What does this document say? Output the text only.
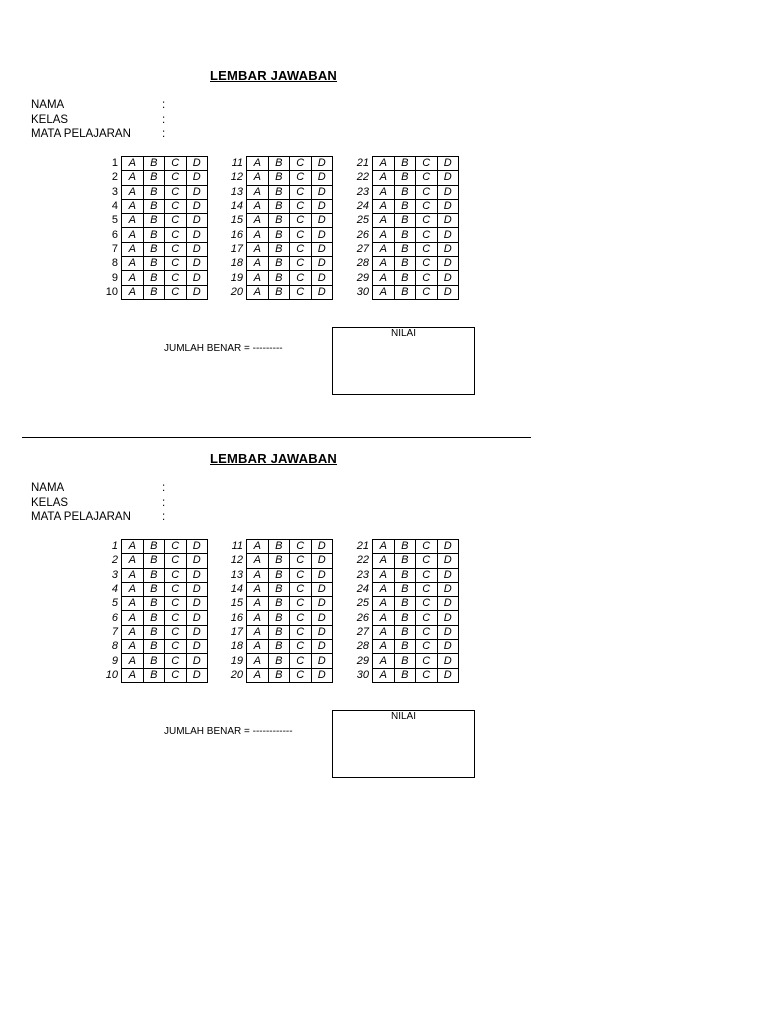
LEMBAR JAWABAN
NAMA	:
KELAS	:
MATA PELAJARAN	:
1	A	B	C	D
2	A	B	C	D
3	A	B	C	D
4	A	B	C	D
5	A	B	C	D
6	A	B	C	D
7	A	B	C	D
8	A	B	C	D
9	A	B	C	D
10	A	B	C	D
11	A	B	C	D
12	A	B	C	D
13	A	B	C	D
14	A	B	C	D
15	A	B	C	D
16	A	B	C	D
17	A	B	C	D
18	A	B	C	D
19	A	B	C	D
20	A	B	C	D
21	A	B	C	D
22	A	B	C	D
23	A	B	C	D
24	A	B	C	D
25	A	B	C	D
26	A	B	C	D
27	A	B	C	D
28	A	B	C	D
29	A	B	C	D
30	A	B	C	D
JUMLAH BENAR = ---------
NILAI
LEMBAR JAWABAN
NAMA	:
KELAS	:
MATA PELAJARAN	:
1	A	B	C	D
2	A	B	C	D
3	A	B	C	D
4	A	B	C	D
5	A	B	C	D
6	A	B	C	D
7	A	B	C	D
8	A	B	C	D
9	A	B	C	D
10	A	B	C	D
11	A	B	C	D
12	A	B	C	D
13	A	B	C	D
14	A	B	C	D
15	A	B	C	D
16	A	B	C	D
17	A	B	C	D
18	A	B	C	D
19	A	B	C	D
20	A	B	C	D
21	A	B	C	D
22	A	B	C	D
23	A	B	C	D
24	A	B	C	D
25	A	B	C	D
26	A	B	C	D
27	A	B	C	D
28	A	B	C	D
29	A	B	C	D
30	A	B	C	D
JUMLAH BENAR = ------------
NILAI
